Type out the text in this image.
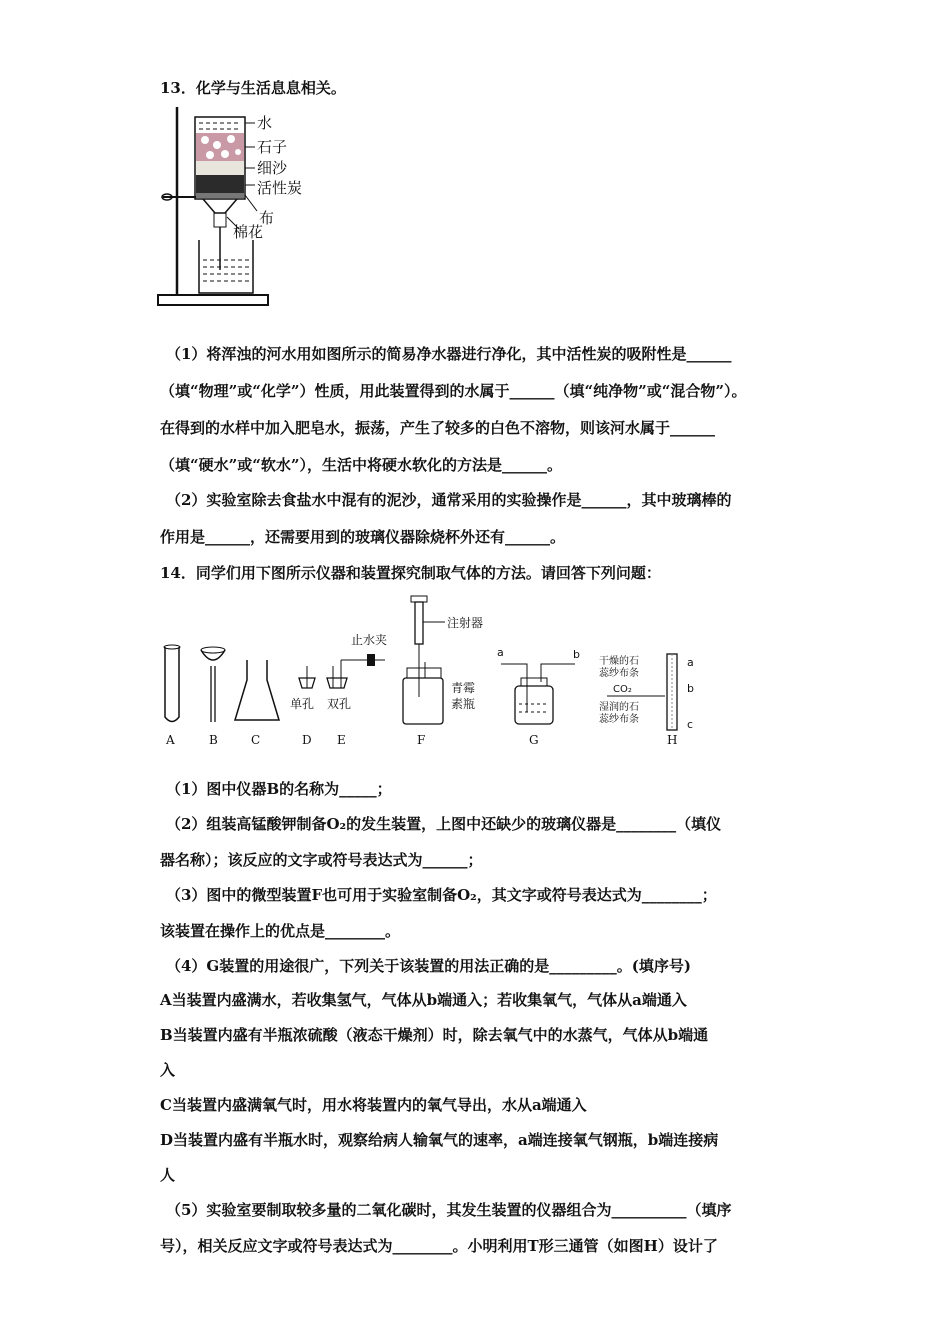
13．化学与生活息息相关。
水
石子
细沙
活性炭
布
棉花
（1）将浑浊的河水用如图所示的简易净水器进行净化，其中活性炭的吸附性是______
（填“物理”或“化学”）性质，用此装置得到的水属于______（填“纯净物”或“混合物”）。
在得到的水样中加入肥皂水，振荡，产生了较多的白色不溶物，则该河水属于______
（填“硬水”或“软水”），生活中将硬水软化的方法是______。
（2）实验室除去食盐水中混有的泥沙，通常采用的实验操作是______，其中玻璃棒的
作用是______，还需要用到的玻璃仪器除烧杯外还有______。
14．同学们用下图所示仪器和装置探究制取气体的方法。请回答下列问题：
A	B	C
单孔
D
双孔
止水夹
E
注射器
青霉
素瓶
F
a	b
G
干燥的石
蕊纱布条
CO₂
湿润的石
蕊纱布条
a
b
c
H
（1）图中仪器B的名称为_____；
（2）组装高锰酸钾制备O₂的发生装置，上图中还缺少的玻璃仪器是________（填仪
器名称）；该反应的文字或符号表达式为______；
（3）图中的微型装置F也可用于实验室制备O₂，其文字或符号表达式为________；
该装置在操作上的优点是________。
（4）G装置的用途很广，下列关于该装置的用法正确的是_________。(填序号)
A当装置内盛满水，若收集氢气，气体从b端通入；若收集氧气，气体从a端通入
B当装置内盛有半瓶浓硫酸（液态干燥剂）时，除去氧气中的水蒸气，气体从b端通
入
C当装置内盛满氧气时，用水将装置内的氧气导出，水从a端通入
D当装置内盛有半瓶水时，观察给病人输氧气的速率，a端连接氧气钢瓶，b端连接病
人
（5）实验室要制取较多量的二氧化碳时，其发生装置的仪器组合为__________（填序
号），相关反应文字或符号表达式为________。小明利用T形三通管（如图H）设计了
